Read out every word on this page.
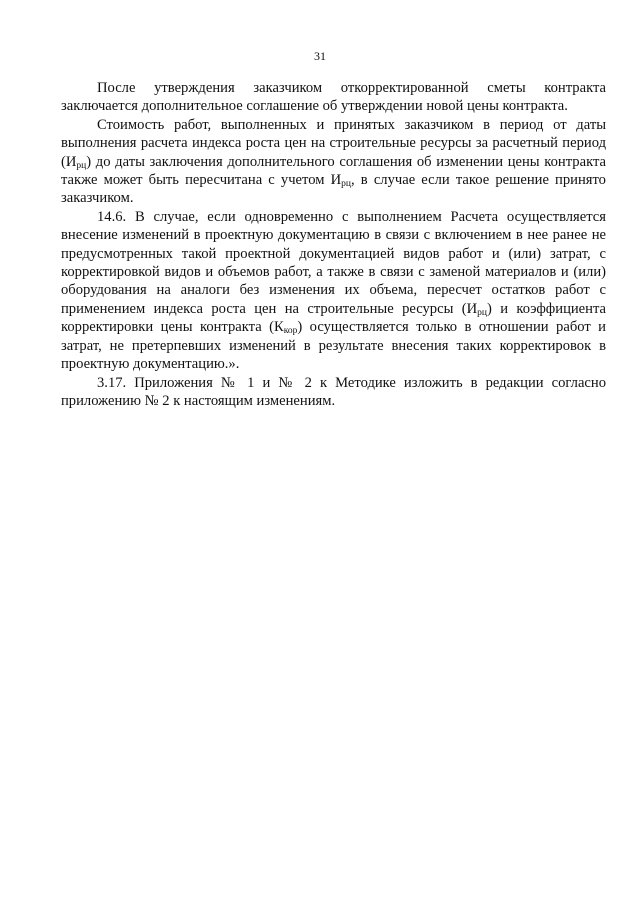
31

После утверждения заказчиком откорректированной сметы контракта заключается дополнительное соглашение об утверждении новой цены контракта.

Стоимость работ, выполненных и принятых заказчиком в период от даты выполнения расчета индекса роста цен на строительные ресурсы за расчетный период $(И_{рц})$ до даты заключения дополнительного соглашения об изменении цены контракта также может быть пересчитана с учетом $И_{рц}$, в случае если такое решение принято заказчиком.

14.6. В случае, если одновременно с выполнением Расчета осуществляется внесение изменений в проектную документацию в связи с включением в нее ранее не предусмотренных такой проектной документацией видов работ и (или) затрат, с корректировкой видов и объемов работ, а также в связи с заменой материалов и (или) оборудования на аналоги без изменения их объема, пересчет остатков работ с применением индекса роста цен на строительные ресурсы $(И_{рц})$ и коэффициента корректировки цены контракта $(К_{кор})$ осуществляется только в отношении работ и затрат, не претерпевших изменений в результате внесения таких корректировок в проектную документацию.».

3.17. Приложения № 1 и № 2 к Методике изложить в редакции согласно приложению № 2 к настоящим изменениям.
